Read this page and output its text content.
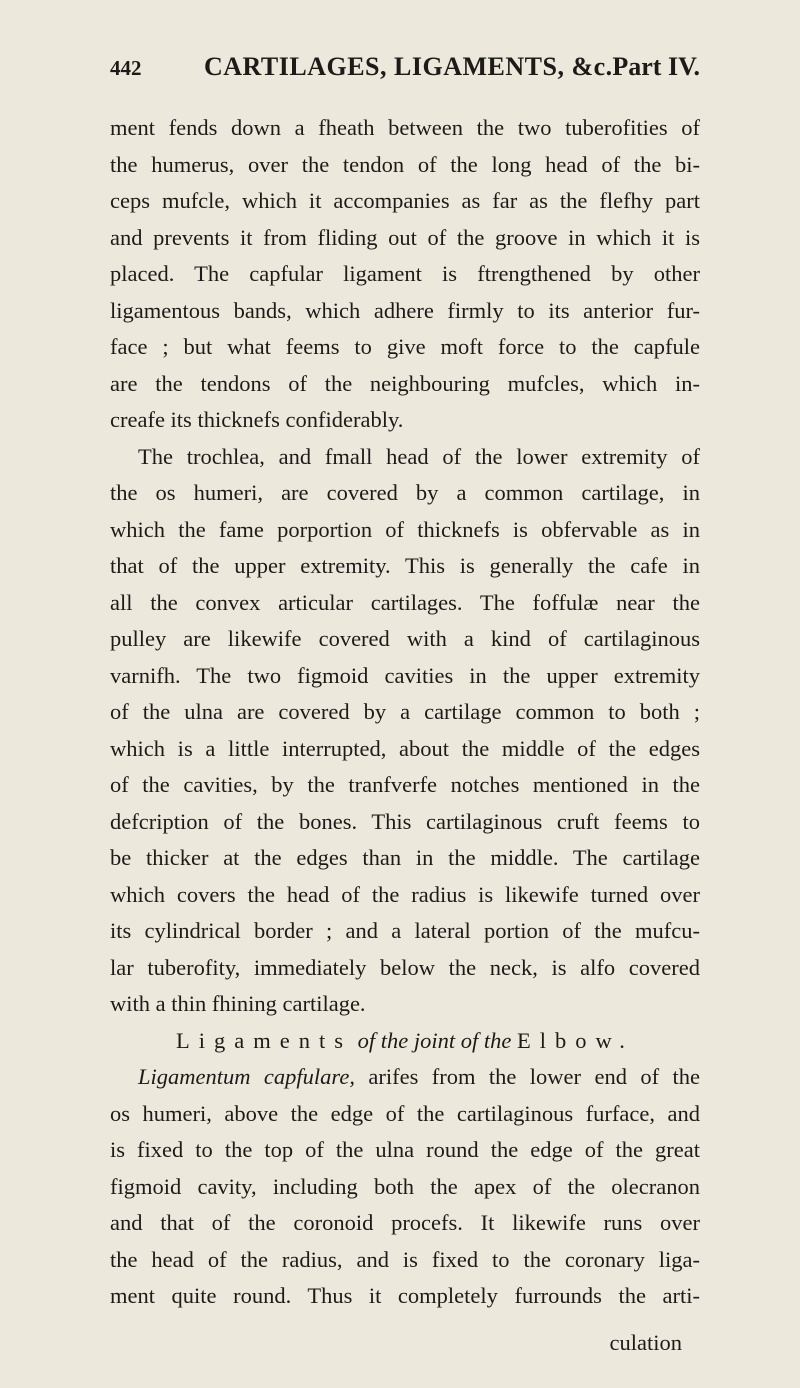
442 CARTILAGES, LIGAMENTS, &c. Part IV.
ment fends down a fheath between the two tuberofities of
the humerus, over the tendon of the long head of the bi-
ceps mufcle, which it accompanies as far as the flefhy part
and prevents it from fliding out of the groove in which it is
placed. The capfular ligament is ftrengthened by other
ligamentous bands, which adhere firmly to its anterior fur-
face ; but what feems to give moft force to the capfule
are the tendons of the neighbouring mufcles, which in-
creafe its thicknefs confiderably.
The trochlea, and fmall head of the lower extremity of
the os humeri, are covered by a common cartilage, in
which the fame porportion of thicknefs is obfervable as in
that of the upper extremity. This is generally the cafe in
all the convex articular cartilages. The foffulæ near the
pulley are likewife covered with a kind of cartilaginous
varnifh. The two figmoid cavities in the upper extremity
of the ulna are covered by a cartilage common to both ;
which is a little interrupted, about the middle of the edges
of the cavities, by the tranfverfe notches mentioned in the
defcription of the bones. This cartilaginous cruft feems to
be thicker at the edges than in the middle. The cartilage
which covers the head of the radius is likewife turned over
its cylindrical border ; and a lateral portion of the mufcu-
lar tuberofity, immediately below the neck, is alfo covered
with a thin fhining cartilage.
Ligaments of the joint of the Elbow.
Ligamentum capfulare, arifes from the lower end of the
os humeri, above the edge of the cartilaginous furface, and
is fixed to the top of the ulna round the edge of the great
figmoid cavity, including both the apex of the olecranon
and that of the coronoid procefs. It likewife runs over
the head of the radius, and is fixed to the coronary liga-
ment quite round. Thus it completely furrounds the arti-
culation
